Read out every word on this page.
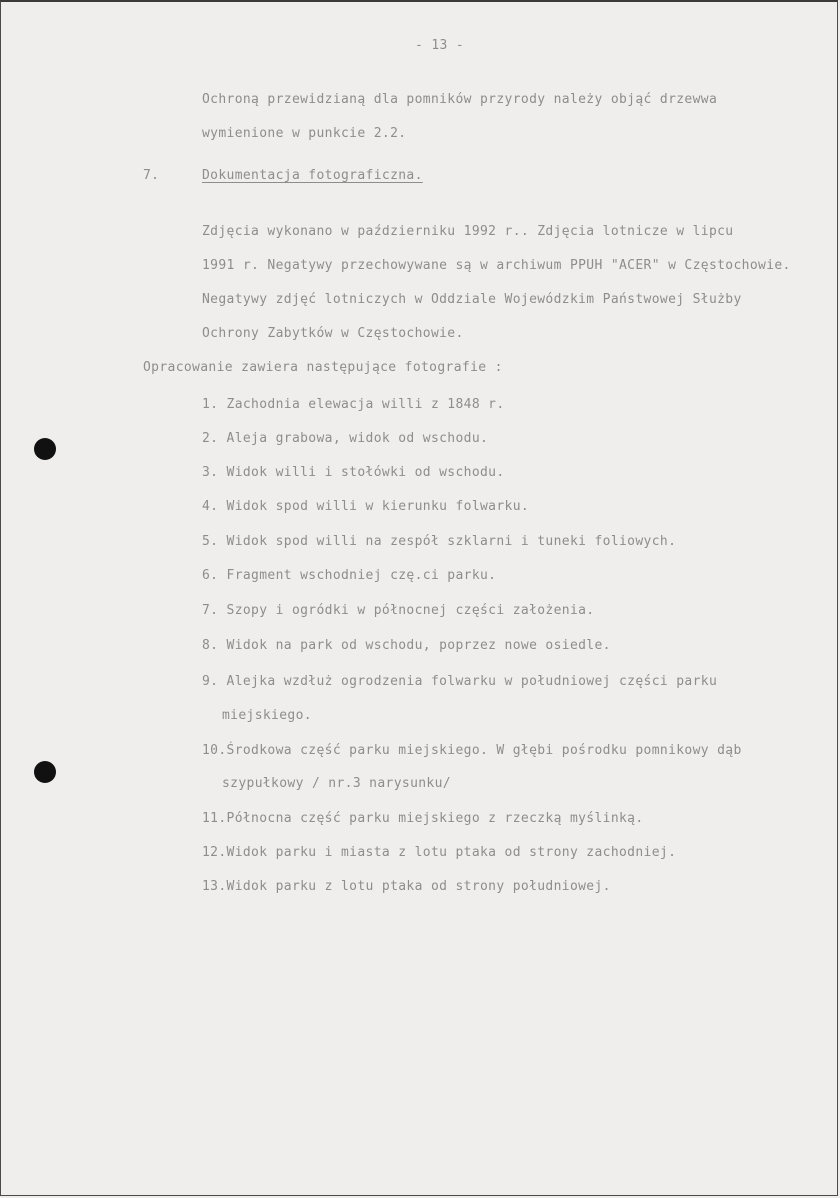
- 13 -
Ochroną przewidzianą dla pomników przyrody należy objąć drzewwa
wymienione w punkcie 2.2.
7.	Dokumentacja fotograficzna.
Zdjęcia wykonano w październiku 1992 r.. Zdjęcia lotnicze w lipcu
1991 r. Negatywy przechowywane są w archiwum PPUH "ACER" w Częstochowie.
Negatywy zdjęć lotniczych w Oddziale Wojewódzkim Państwowej Służby
Ochrony Zabytków w Częstochowie.
Opracowanie zawiera następujące fotografie :
1. Zachodnia elewacja willi z 1848 r.
2. Aleja grabowa, widok od wschodu.
3. Widok willi i stołówki od wschodu.
4. Widok spod willi w kierunku folwarku.
5. Widok spod willi na zespół szklarni i tuneki foliowych.
6. Fragment wschodniej czę.ci parku.
7. Szopy i ogródki w północnej części założenia.
8. Widok na park od wschodu, poprzez nowe osiedle.
9. Alejka wzdłuż ogrodzenia folwarku w południowej części parku
miejskiego.
10.Środkowa część parku miejskiego. W głębi pośrodku pomnikowy dąb
szypułkowy / nr.3 narysunku/
11.Północna część parku miejskiego z rzeczką myślinką.
12.Widok parku i miasta z lotu ptaka od strony zachodniej.
13.Widok parku z lotu ptaka od strony południowej.
